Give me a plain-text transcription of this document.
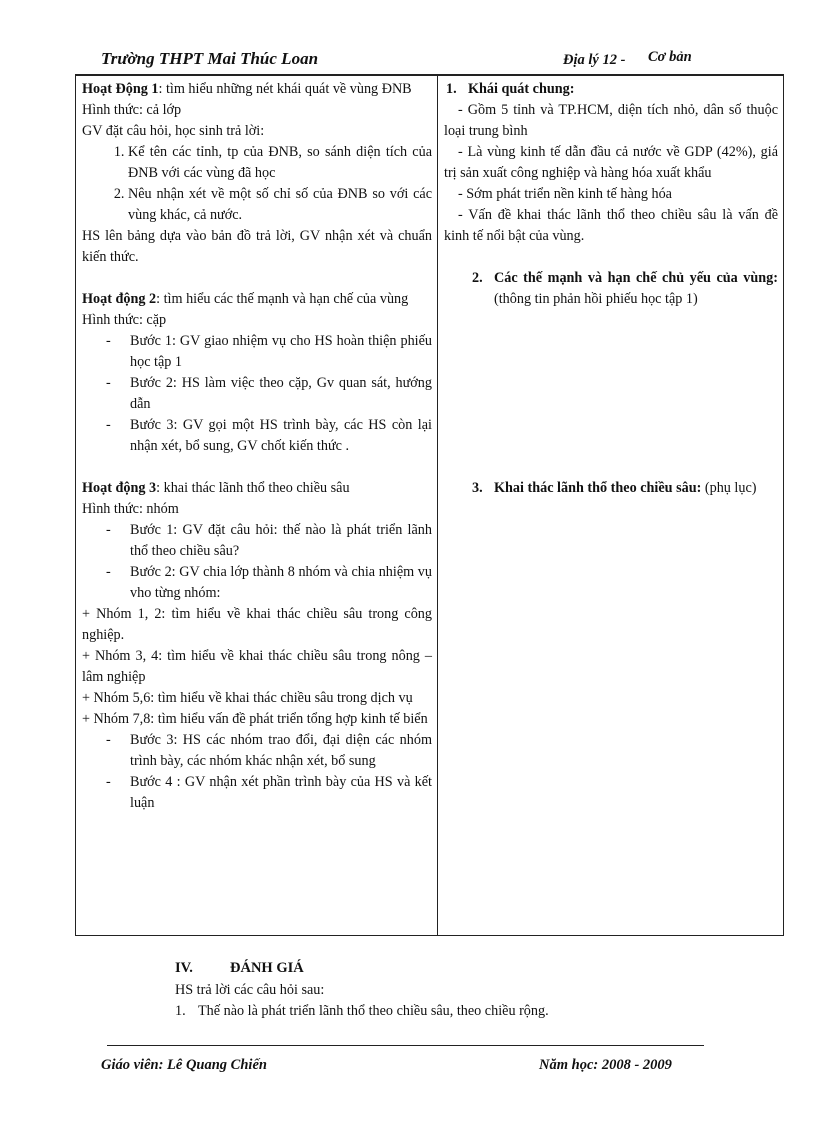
Trường THPT Mai Thúc Loan	Địa lý 12 - Cơ bản
Hoạt Động 1: tìm hiểu những nét khái quát về vùng ĐNB
Hình thức: cả lớp
GV đặt câu hỏi, học sinh trả lời:
1. Kể tên các tỉnh, tp của ĐNB, so sánh diện tích của ĐNB với các vùng đã học
2. Nêu nhận xét về một số chỉ số của ĐNB so với các vùng khác, cả nước.
HS lên bảng dựa vào bản đồ trả lời, GV nhận xét và chuẩn kiến thức.
Hoạt động 2: tìm hiểu các thế mạnh và hạn chế của vùng
Hình thức: cặp
- Bước 1: GV giao nhiệm vụ cho HS hoàn thiện phiếu học tập 1
- Bước 2: HS làm việc theo cặp, Gv quan sát, hướng dẫn
- Bước 3: GV gọi một HS trình bày, các HS còn lại nhận xét, bổ sung, GV chốt kiến thức .
Hoạt động 3: khai thác lãnh thổ theo chiều sâu
Hình thức: nhóm
- Bước 1: GV đặt câu hỏi: thế nào là phát triển lãnh thổ theo chiều sâu?
- Bước 2: GV chia lớp thành 8 nhóm và chia nhiệm vụ vho từng nhóm:
+ Nhóm 1, 2: tìm hiểu về khai thác chiều sâu trong công nghiệp.
+ Nhóm 3, 4: tìm hiểu về khai thác chiều sâu trong nông – lâm nghiệp
+ Nhóm 5,6: tìm hiểu về khai thác chiều sâu trong dịch vụ
+ Nhóm 7,8: tìm hiểu vấn đề phát triển tổng hợp kinh tế biển
- Bước 3: HS các nhóm trao đổi, đại diện các nhóm trình bày, các nhóm khác nhận xét, bổ sung
- Bước 4 : GV nhận xét phần trình bày của HS và kết luận

1. Khái quát chung:
- Gồm 5 tỉnh và TP.HCM, diện tích nhỏ, dân số thuộc loại trung bình
- Là vùng kinh tế dẫn đầu cả nước về GDP (42%), giá trị sản xuất công nghiệp và hàng hóa xuất khẩu
- Sớm phát triển nền kinh tế hàng hóa
- Vấn đề khai thác lãnh thổ theo chiều sâu là vấn đề kinh tế nổi bật của vùng.
2. Các thế mạnh và hạn chế chủ yếu của vùng: (thông tin phản hồi phiếu học tập 1)
3. Khai thác lãnh thổ theo chiều sâu: (phụ lục)
IV.	ĐÁNH GIÁ
HS trả lời các câu hỏi sau:
1. Thế nào là phát triển lãnh thổ theo chiều sâu, theo chiều rộng.
Giáo viên: Lê Quang Chiến	Năm học: 2008 - 2009
